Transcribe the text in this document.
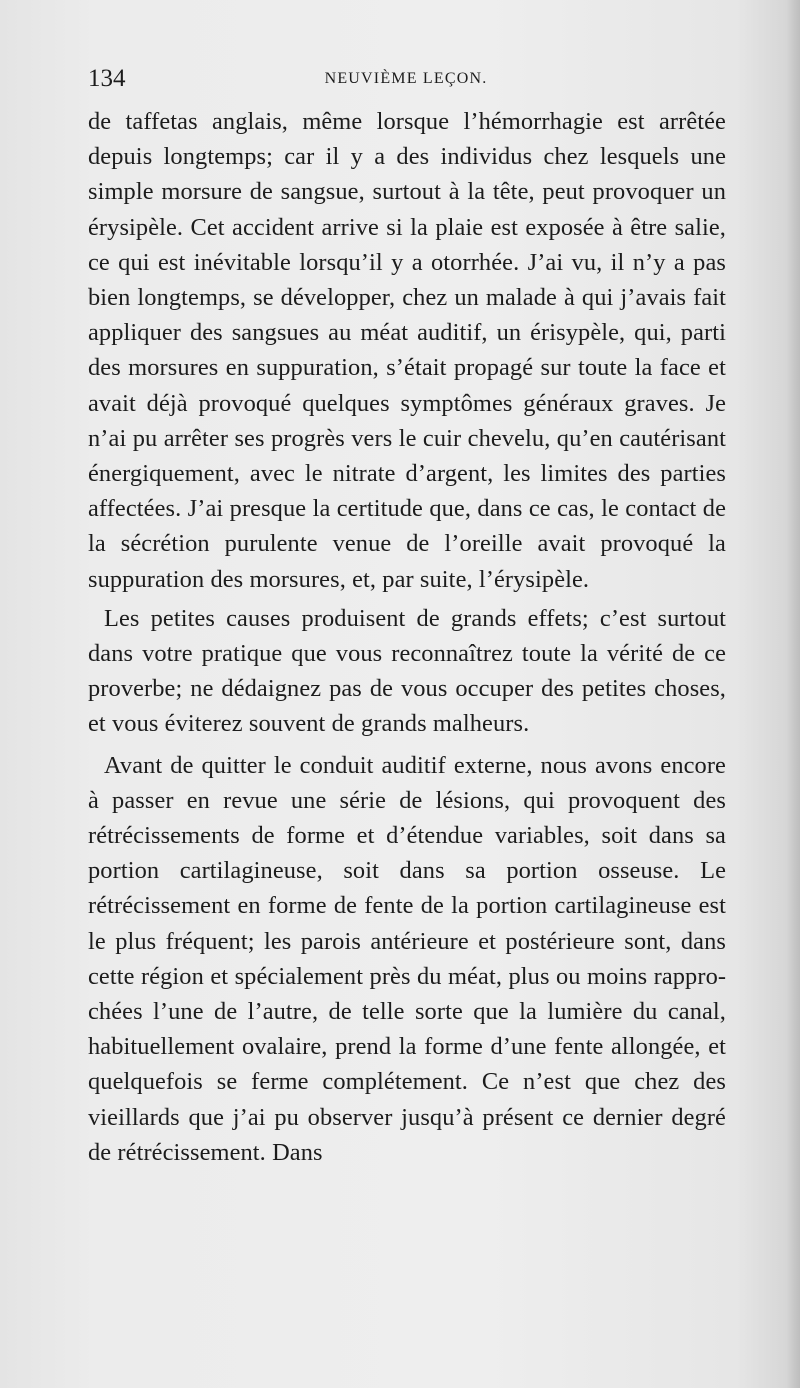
134	NEUVIÈME LEÇON.

de taffetas anglais, même lorsque l’hémorrhagie est arrêtée depuis longtemps; car il y a des individus chez lesquels une simple morsure de sangsue, surtout à la tête, peut provoquer un érysipèle. Cet accident arrive si la plaie est exposée à être salie, ce qui est inévitable lorsqu’il y a otorrhée. J’ai vu, il n’y a pas bien longtemps, se développer, chez un malade à qui j’avais fait appliquer des sangsues au méat auditif, un érisypèle, qui, parti des morsures en suppuration, s’était propagé sur toute la face et avait déjà provoqué quelques symptômes généraux graves. Je n’ai pu arrêter ses progrès vers le cuir chevelu, qu’en cautérisant énergiquement, avec le nitrate d’argent, les limites des parties affectées. J’ai presque la certitude que, dans ce cas, le contact de la sécrétion purulente venue de l’oreille avait provoqué la suppuration des morsures, et, par suite, l’érysipèle.

Les petites causes produisent de grands effets; c’est surtout dans votre pratique que vous reconnaîtrez toute la vérité de ce proverbe; ne dédaignez pas de vous occuper des petites choses, et vous éviterez souvent de grands malheurs.

Avant de quitter le conduit auditif externe, nous avons encore à passer en revue une série de lésions, qui provoquent des rétrécissements de forme et d’étendue variables, soit dans sa portion cartilagineuse, soit dans sa portion osseuse. Le rétrécissement en forme de fente de la portion cartilagineuse est le plus fréquent; les parois antérieure et postérieure sont, dans cette région et spécialement près du méat, plus ou moins rapprochées l’une de l’autre, de telle sorte que la lumière du canal, habituellement ovalaire, prend la forme d’une fente allongée, et quelquefois se ferme complétement. Ce n’est que chez des vieillards que j’ai pu observer jusqu’à présent ce dernier degré de rétrécissement. Dans
